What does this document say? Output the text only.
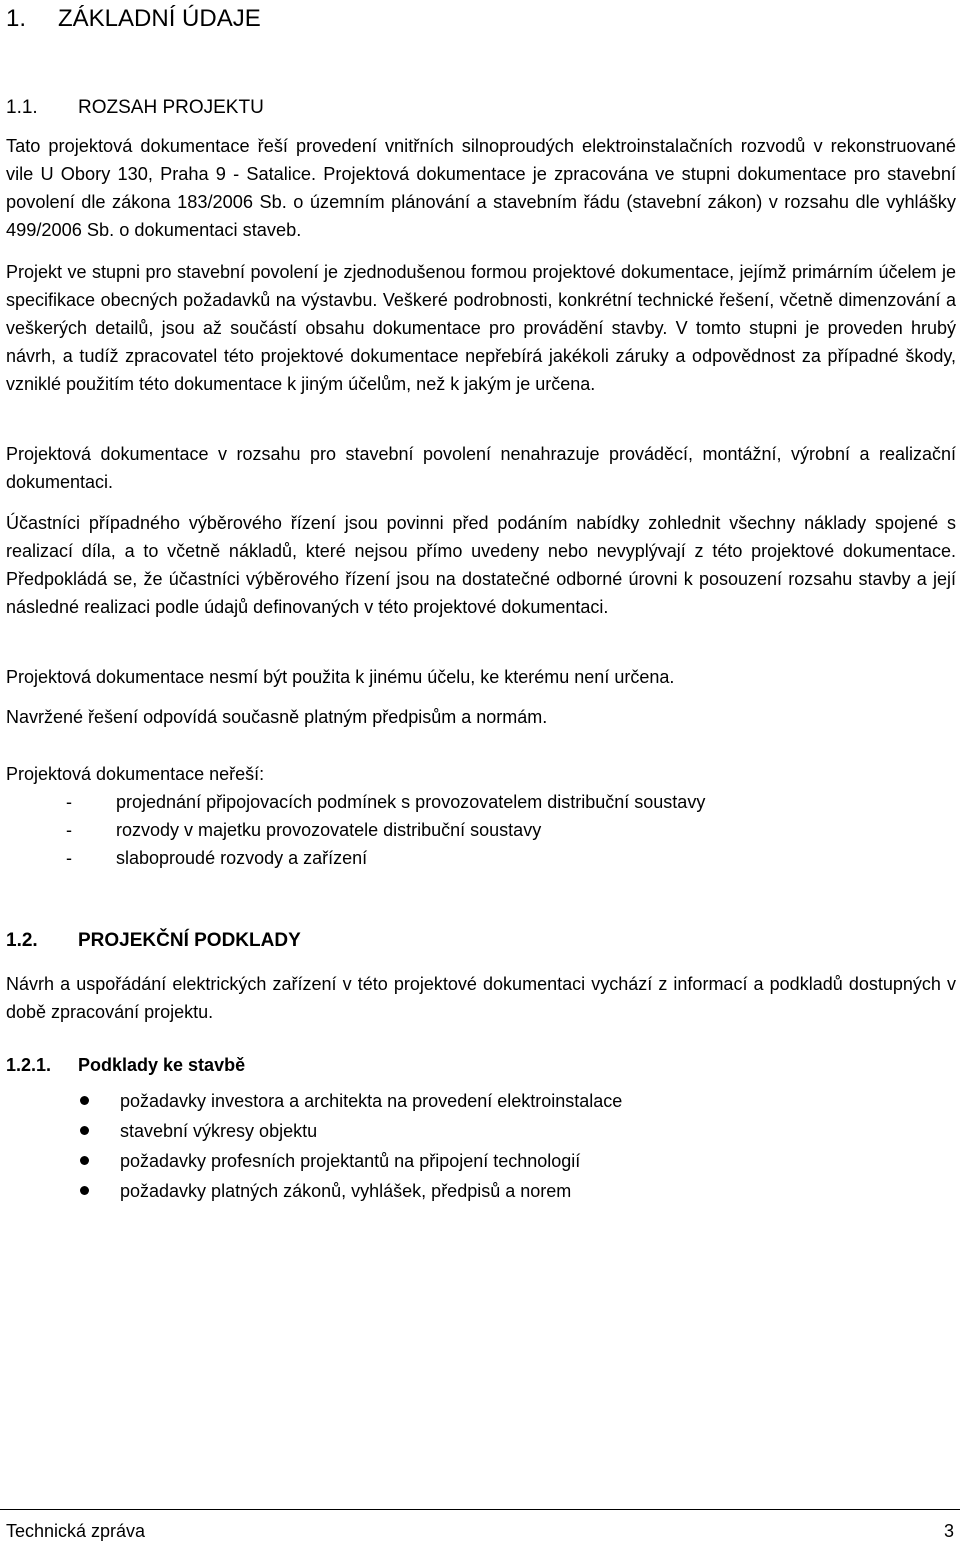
1. ZÁKLADNÍ ÚDAJE
1.1. ROZSAH PROJEKTU

Tato projektová dokumentace řeší provedení vnitřních silnoproudých elektroinstalačních rozvodů v rekonstruované vile U Obory 130, Praha 9 - Satalice. Projektová dokumentace je zpracována ve stupni dokumentace pro stavební povolení dle zákona 183/2006 Sb. o územním plánování a stavebním řádu (stavební zákon) v rozsahu dle vyhlášky 499/2006 Sb. o dokumentaci staveb.

Projekt ve stupni pro stavební povolení je zjednodušenou formou projektové dokumentace, jejímž primárním účelem je specifikace obecných požadavků na výstavbu. Veškeré podrobnosti, konkrétní technické řešení, včetně dimenzování a veškerých detailů, jsou až součástí obsahu dokumentace pro provádění stavby. V tomto stupni je proveden hrubý návrh, a tudíž zpracovatel této projektové dokumentace nepřebírá jakékoli záruky a odpovědnost za případné škody, vzniklé použitím této dokumentace k jiným účelům, než k jakým je určena.

Projektová dokumentace v rozsahu pro stavební povolení nenahrazuje prováděcí, montážní, výrobní a realizační dokumentaci.

Účastníci případného výběrového řízení jsou povinni před podáním nabídky zohlednit všechny náklady spojené s realizací díla, a to včetně nákladů, které nejsou přímo uvedeny nebo nevyplývají z této projektové dokumentace. Předpokládá se, že účastníci výběrového řízení jsou na dostatečné odborné úrovni k posouzení rozsahu stavby a její následné realizaci podle údajů definovaných v této projektové dokumentaci.

Projektová dokumentace nesmí být použita k jinému účelu, ke kterému není určena.

Navržené řešení odpovídá současně platným předpisům a normám.

Projektová dokumentace neřeší:

- projednání připojovacích podmínek s provozovatelem distribuční soustavy
- rozvody v majetku provozovatele distribuční soustavy
- slaboproudé rozvody a zařízení
1.2. PROJEKČNÍ PODKLADY

Návrh a uspořádání elektrických zařízení v této projektové dokumentaci vychází z informací a podkladů dostupných v době zpracování projektu.

1.2.1. Podklady ke stavbě
požadavky investora a architekta na provedení elektroinstalace
stavební výkresy objektu
požadavky profesních projektantů na připojení technologií
požadavky platných zákonů, vyhlášek, předpisů a norem
Technická zpráva	3
